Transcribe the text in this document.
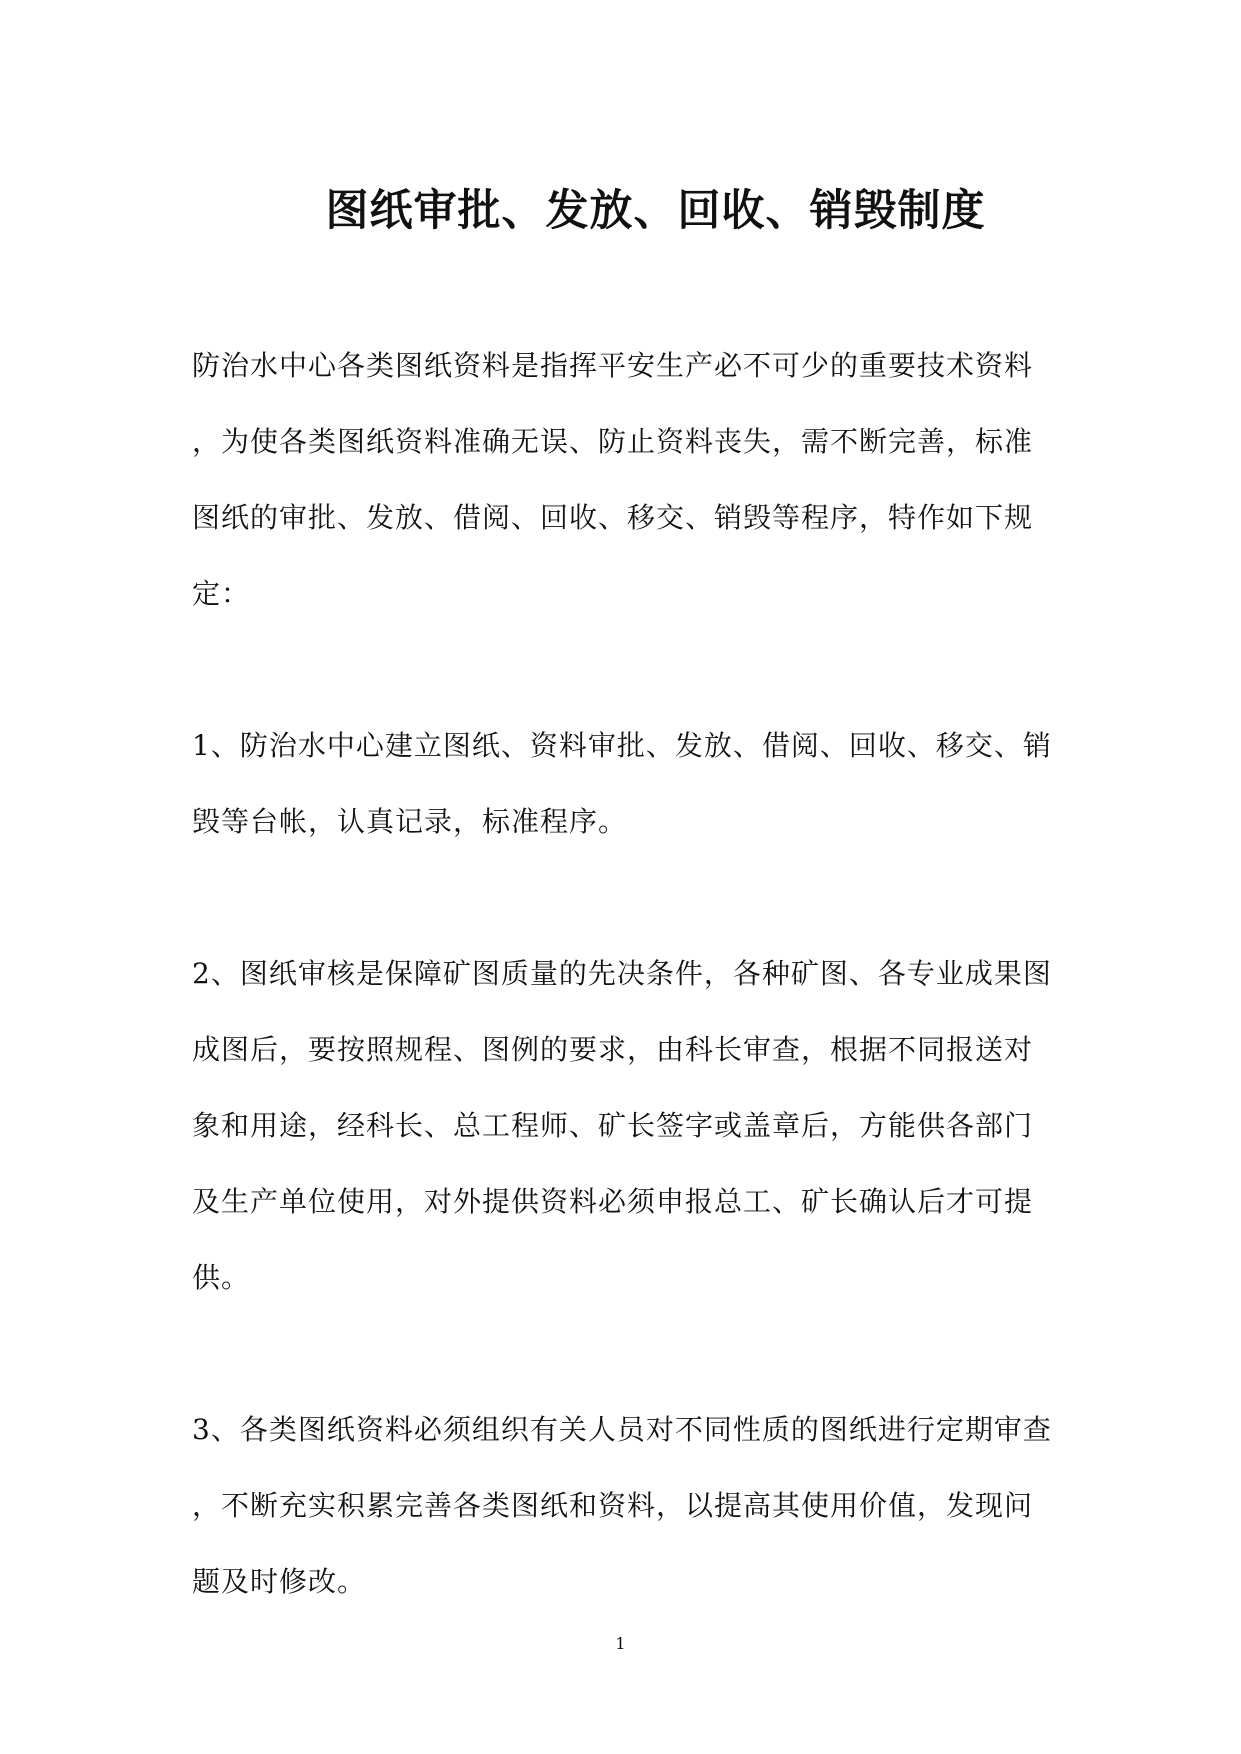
图纸审批、发放、回收、销毁制度

防治水中心各类图纸资料是指挥平安生产必不可少的重要技术资料
，为使各类图纸资料准确无误、防止资料丧失，需不断完善，标准
图纸的审批、发放、借阅、回收、移交、销毁等程序，特作如下规
定：

1、防治水中心建立图纸、资料审批、发放、借阅、回收、移交、销
毁等台帐，认真记录，标准程序。

2、图纸审核是保障矿图质量的先决条件，各种矿图、各专业成果图
成图后，要按照规程、图例的要求，由科长审查，根据不同报送对
象和用途，经科长、总工程师、矿长签字或盖章后，方能供各部门
及生产单位使用，对外提供资料必须申报总工、矿长确认后才可提
供。

3、各类图纸资料必须组织有关人员对不同性质的图纸进行定期审查
，不断充实积累完善各类图纸和资料，以提高其使用价值，发现问
题及时修改。

1
